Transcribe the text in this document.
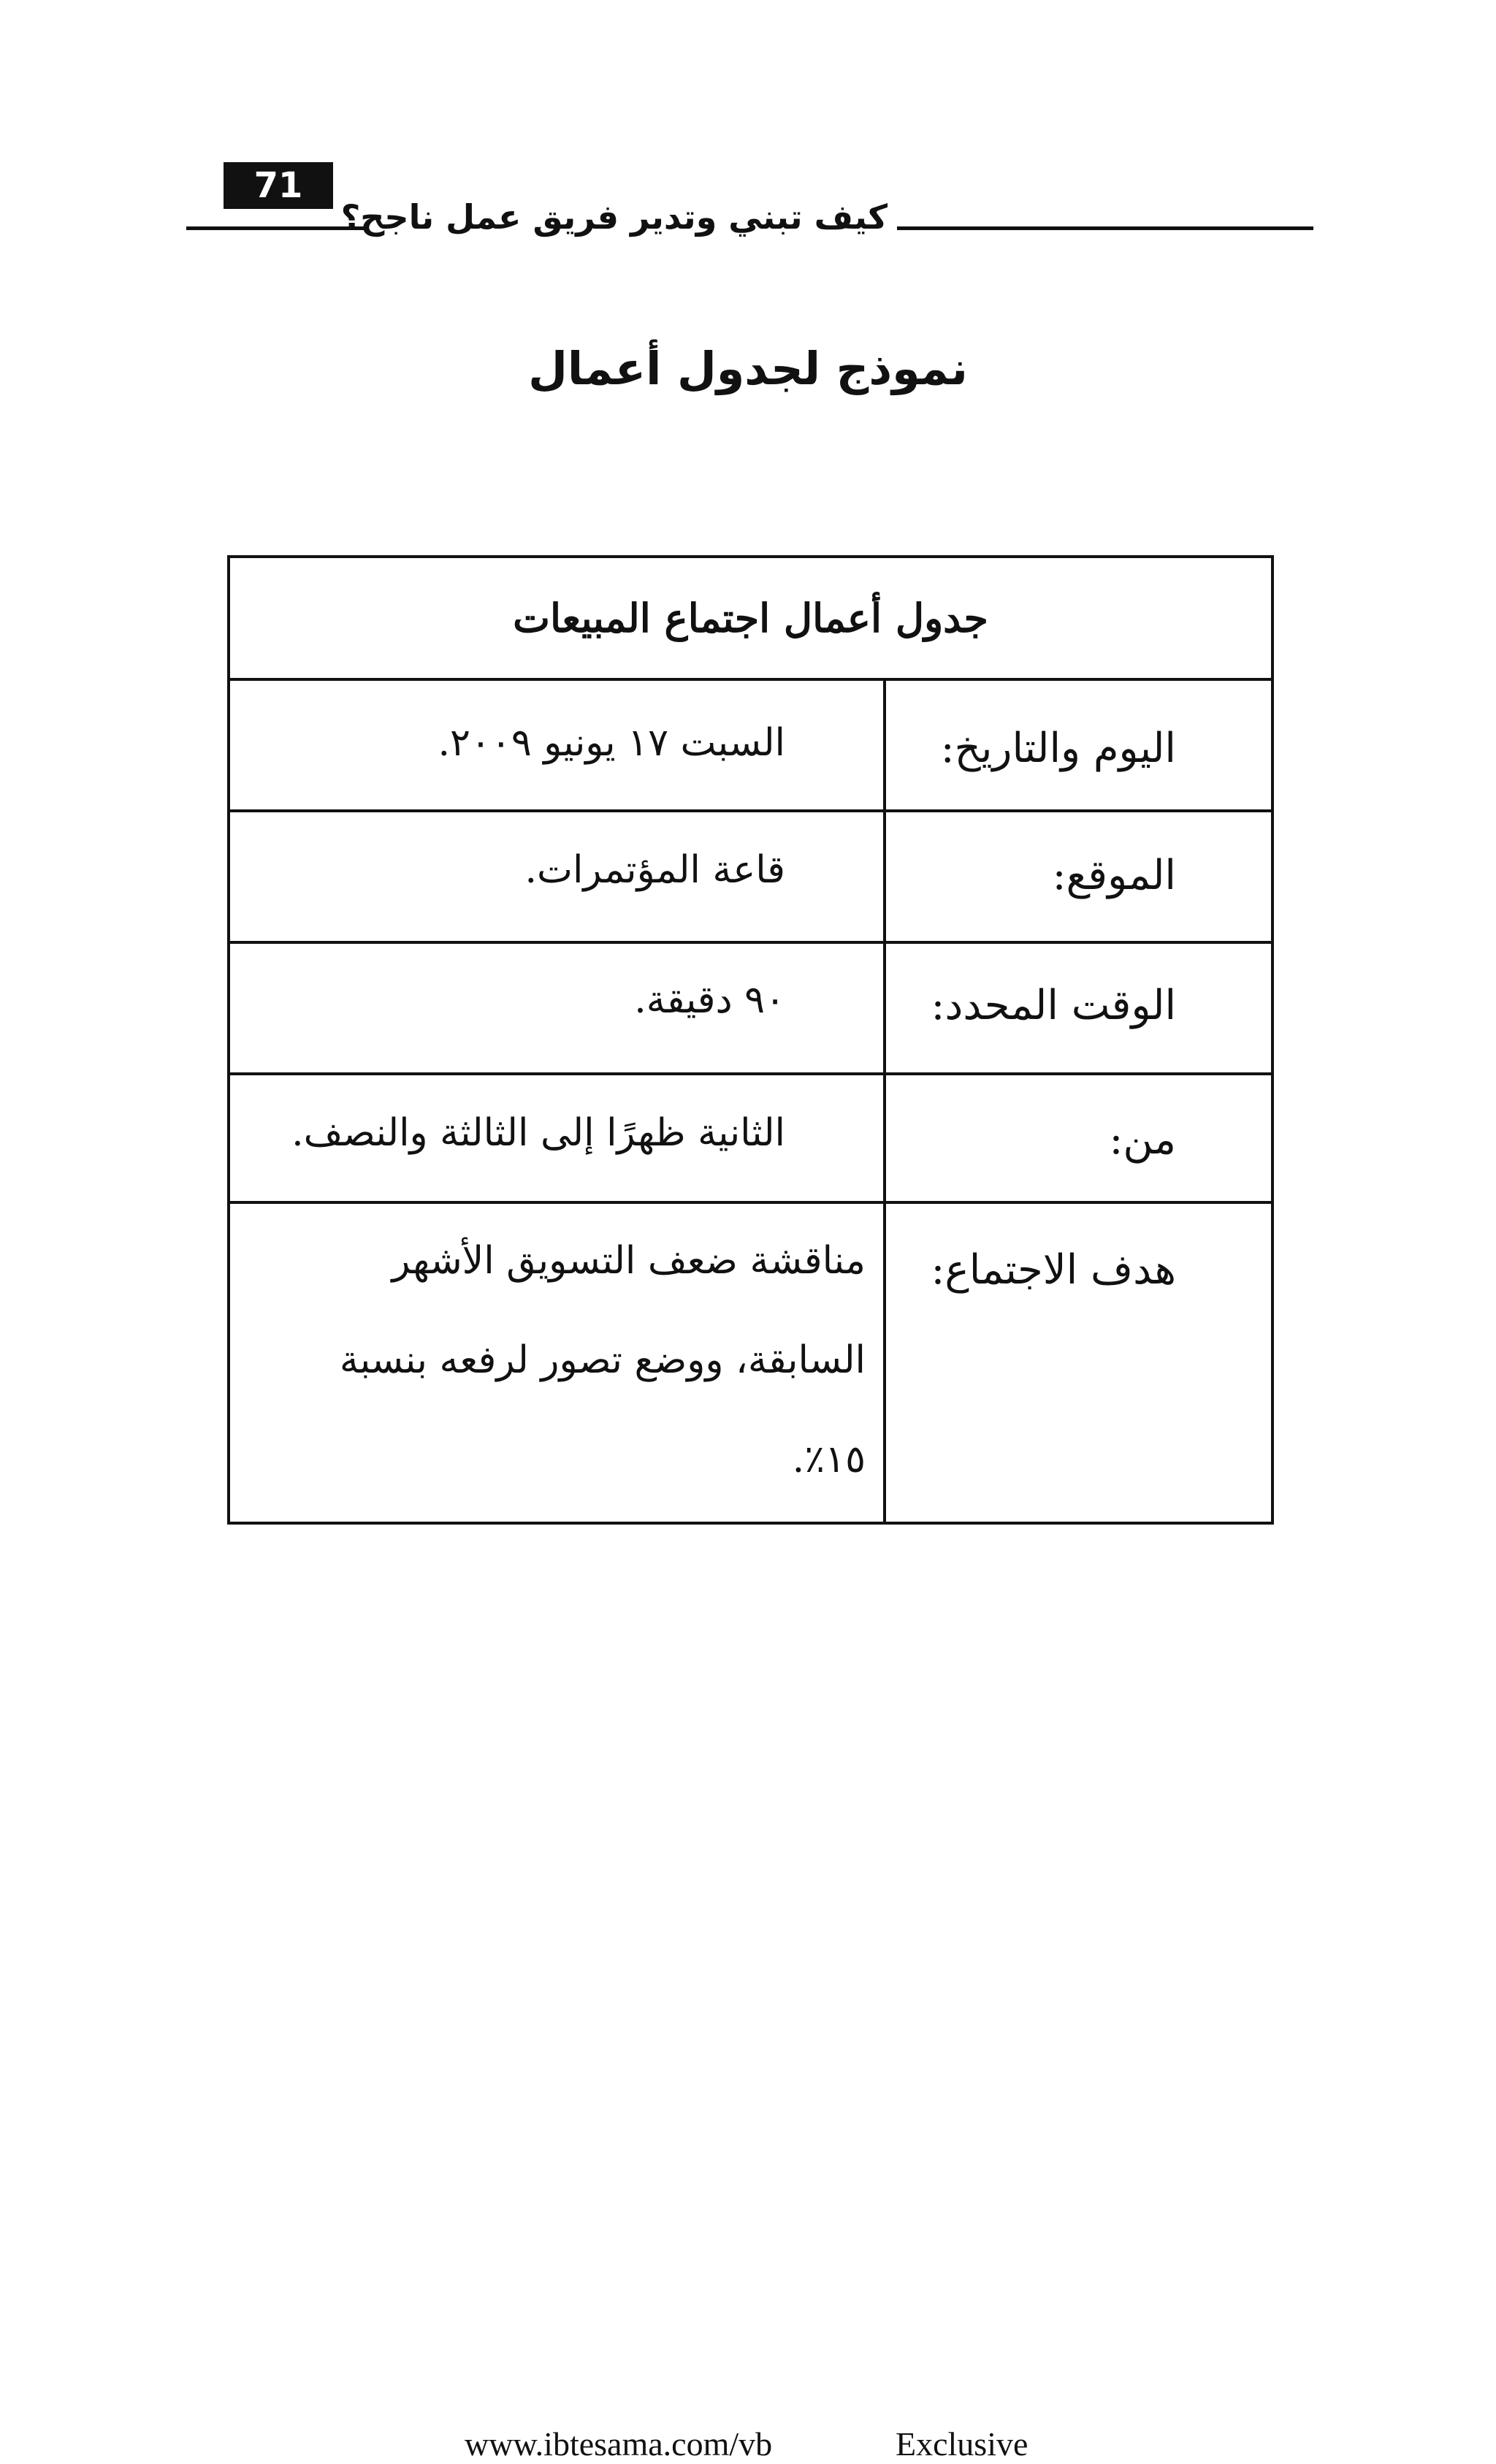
71
كيف تبني وتدير فريق عمل ناجح؟
نموذج لجدول أعمال
جدول أعمال اجتماع المبيعات
اليوم والتاريخ:
السبت ١٧ يونيو ٢٠٠٩.
الموقع:
قاعة المؤتمرات.
الوقت المحدد:
٩٠ دقيقة.
من:
الثانية ظهرًا إلى الثالثة والنصف.
هدف الاجتماع:
مناقشة ضعف التسويق الأشهر السابقة، ووضع تصور لرفعه بنسبة ١٥٪.
www.ibtesama.com/vb	Exclusive
